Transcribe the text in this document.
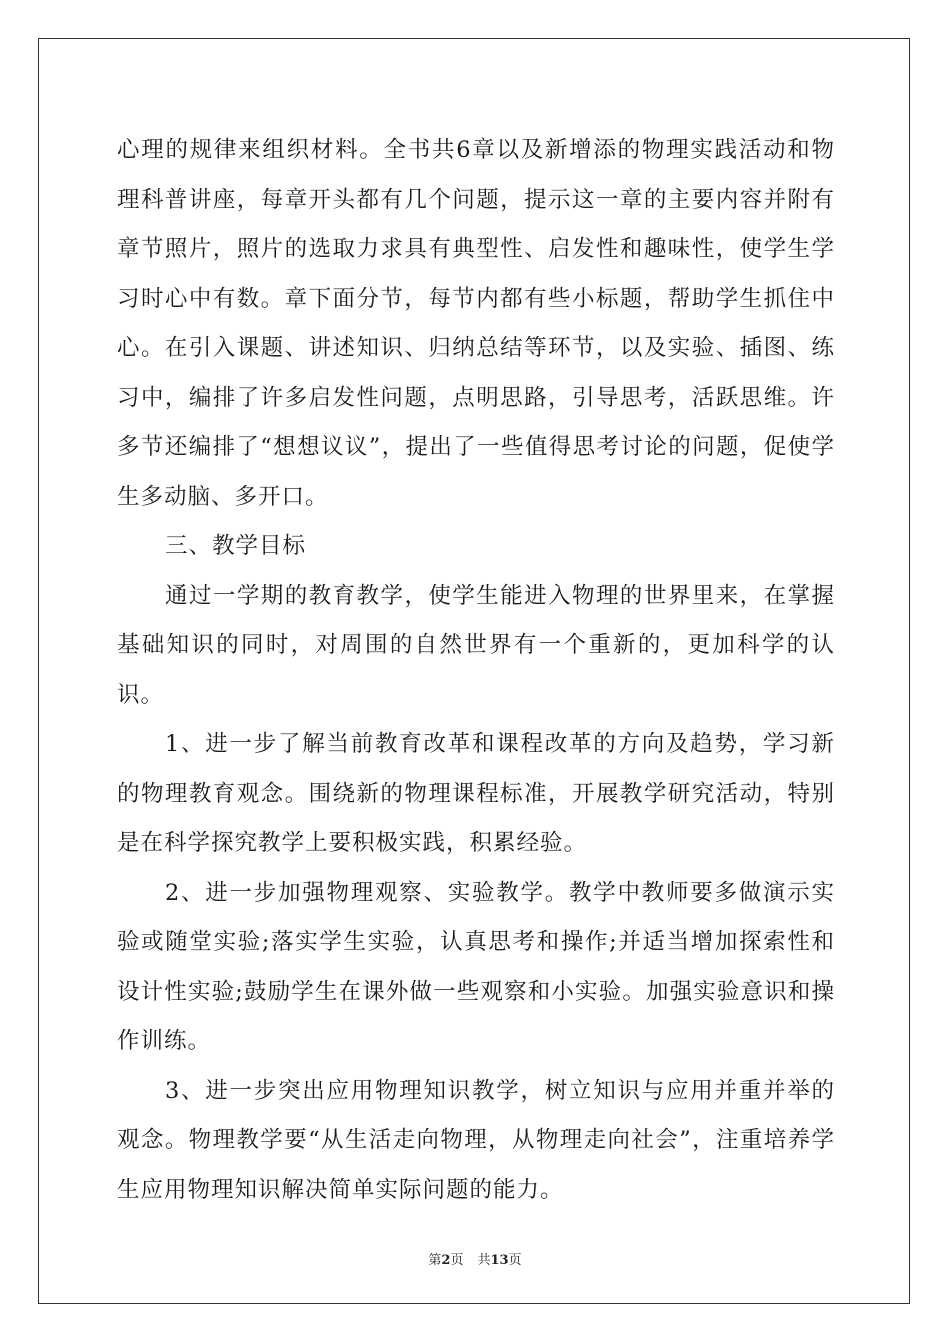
心理的规律来组织材料。全书共6章以及新增添的物理实践活动和物理科普讲座，每章开头都有几个问题，提示这一章的主要内容并附有章节照片，照片的选取力求具有典型性、启发性和趣味性，使学生学习时心中有数。章下面分节，每节内都有些小标题，帮助学生抓住中心。在引入课题、讲述知识、归纳总结等环节，以及实验、插图、练习中，编排了许多启发性问题，点明思路，引导思考，活跃思维。许多节还编排了“想想议议”，提出了一些值得思考讨论的问题，促使学生多动脑、多开口。

三、教学目标

通过一学期的教育教学，使学生能进入物理的世界里来，在掌握基础知识的同时，对周围的自然世界有一个重新的，更加科学的认识。

1、进一步了解当前教育改革和课程改革的方向及趋势，学习新的物理教育观念。围绕新的物理课程标准，开展教学研究活动，特别是在科学探究教学上要积极实践，积累经验。

2、进一步加强物理观察、实验教学。教学中教师要多做演示实验或随堂实验;落实学生实验，认真思考和操作;并适当增加探索性和设计性实验;鼓励学生在课外做一些观察和小实验。加强实验意识和操作训练。

3、进一步突出应用物理知识教学，树立知识与应用并重并举的观念。物理教学要“从生活走向物理，从物理走向社会”，注重培养学生应用物理知识解决简单实际问题的能力。

第2页 共13页
